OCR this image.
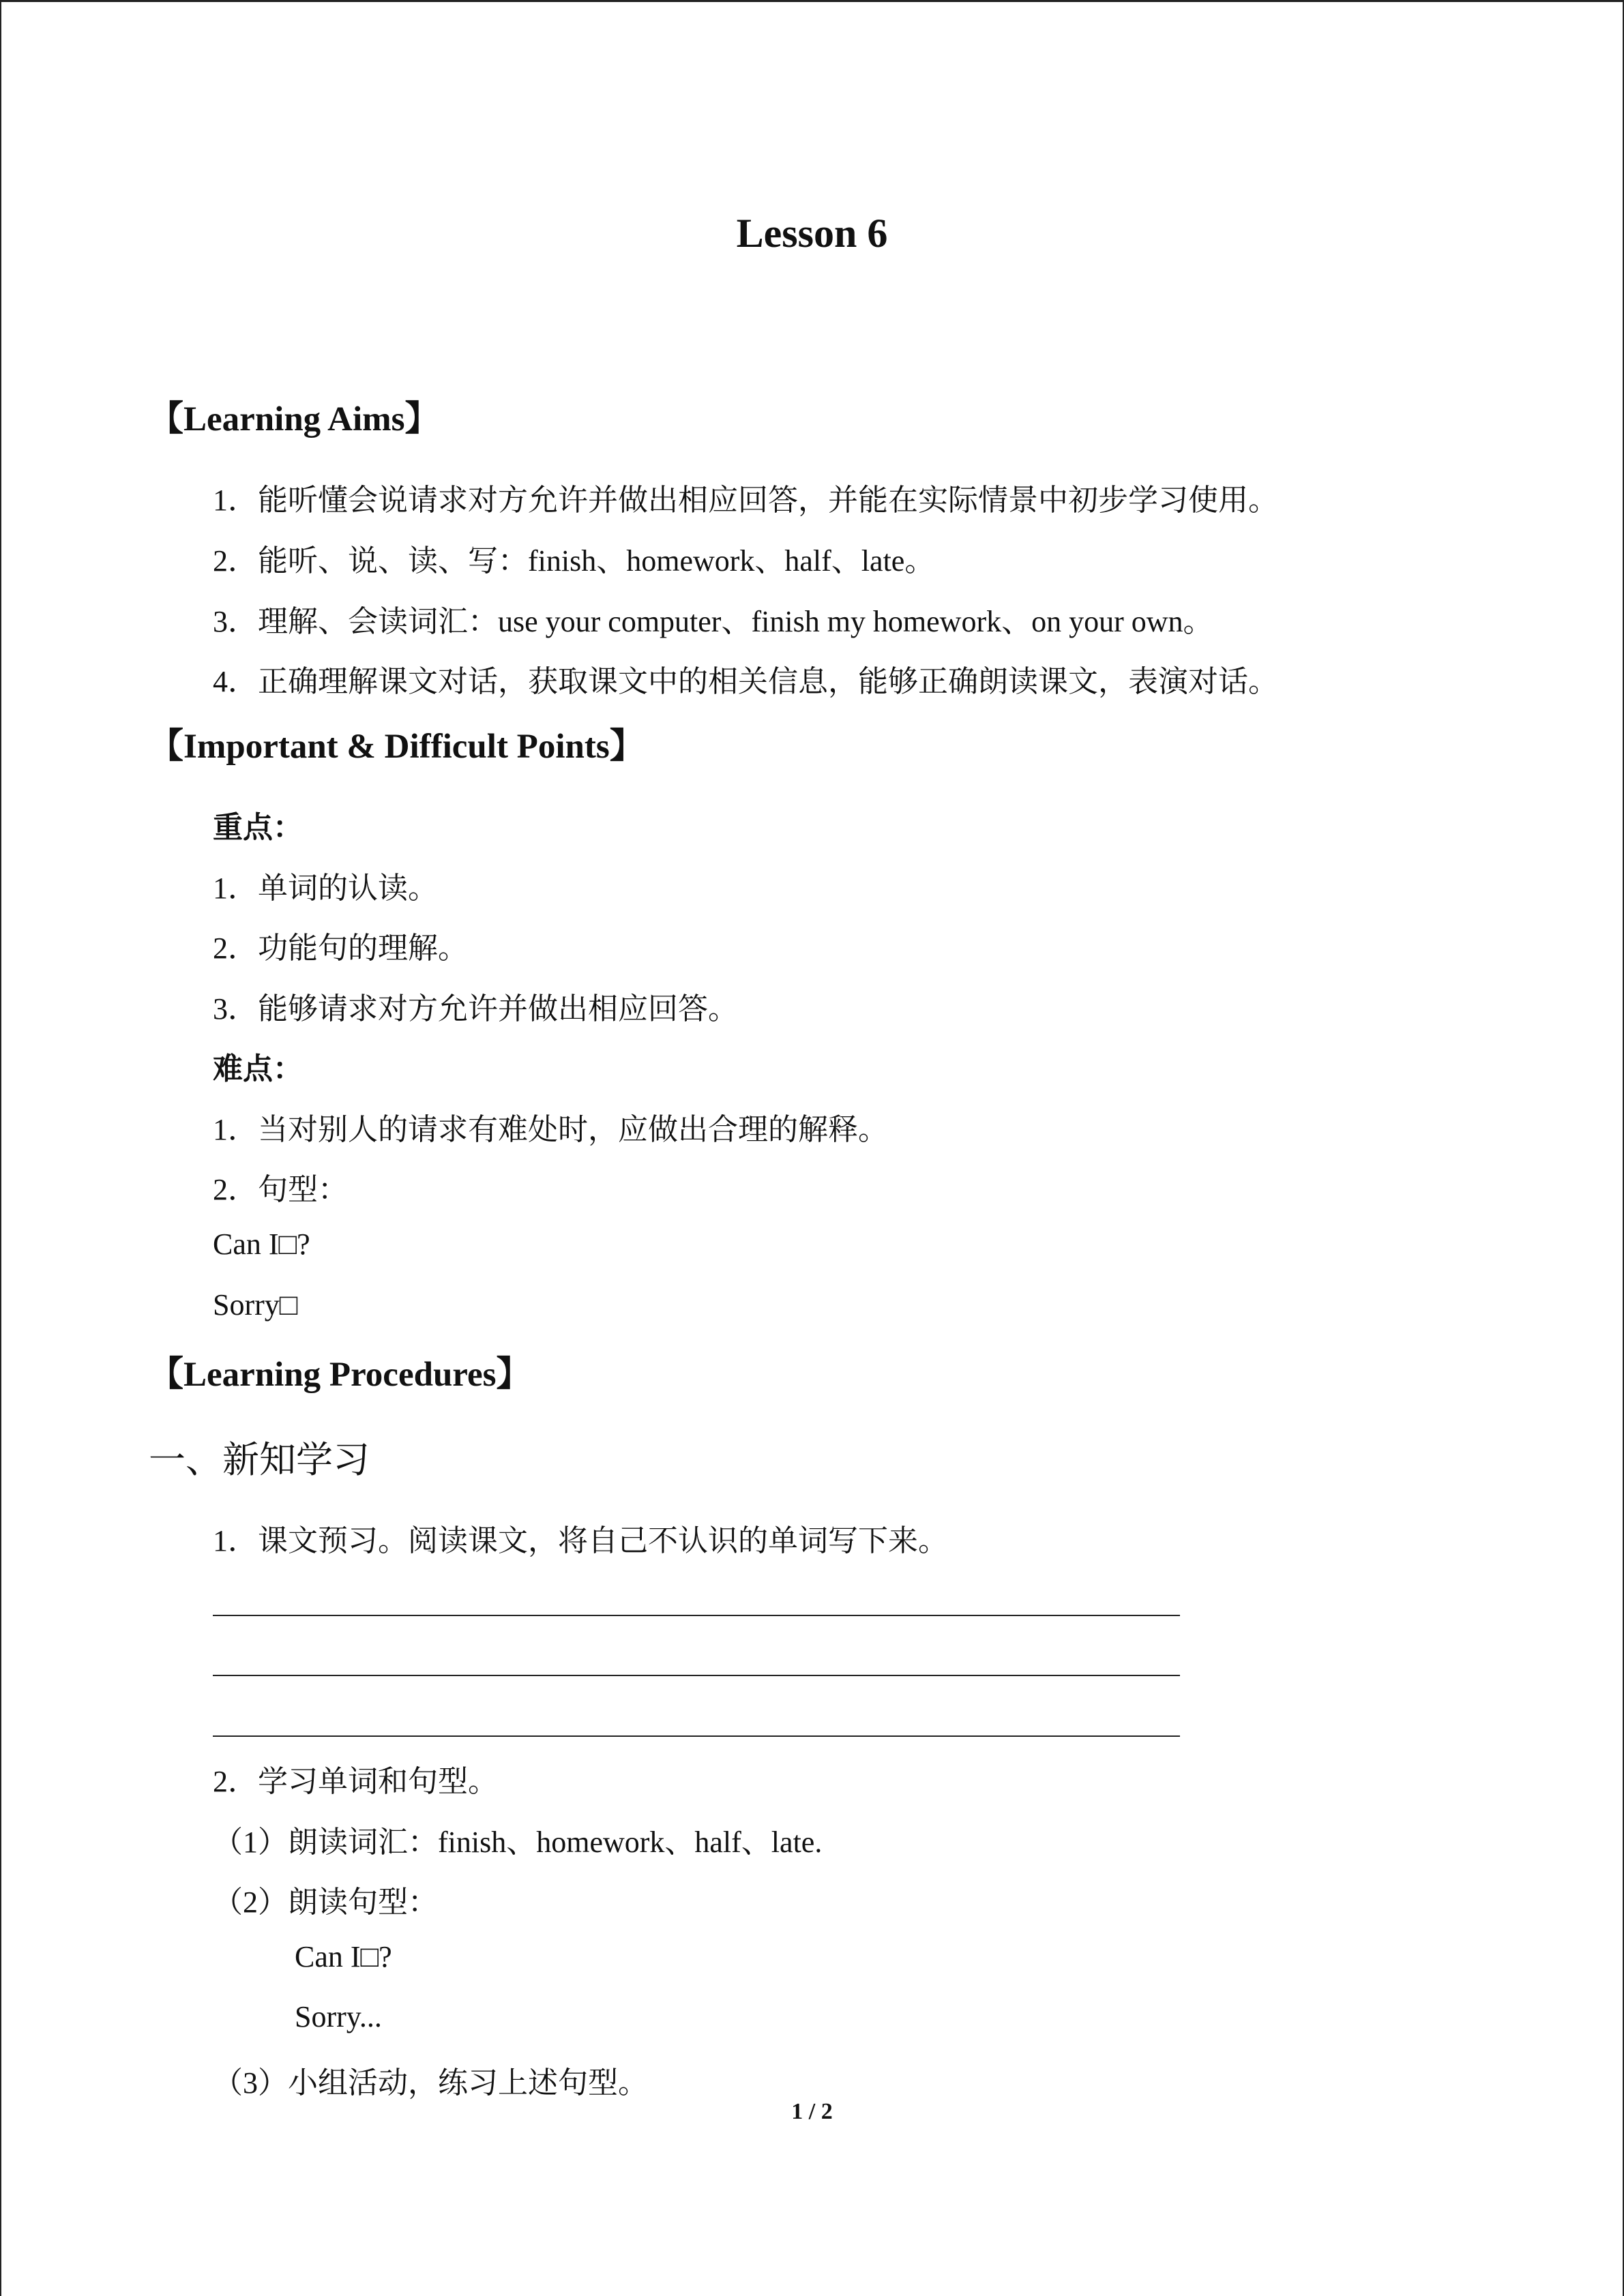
Lesson 6
【Learning Aims】
1．能听懂会说请求对方允许并做出相应回答，并能在实际情景中初步学习使用。
2．能听、说、读、写：finish、homework、half、late。
3．理解、会读词汇：use your computer、finish my homework、on your own。
4．正确理解课文对话，获取课文中的相关信息，能够正确朗读课文，表演对话。
【Important & Difficult Points】
重点：
1．单词的认读。
2．功能句的理解。
3．能够请求对方允许并做出相应回答。
难点：
1．当对别人的请求有难处时，应做出合理的解释。
2．句型：
Can I□?
Sorry□
【Learning Procedures】
一、新知学习
1．课文预习。阅读课文，将自己不认识的单词写下来。
2．学习单词和句型。
（1）朗读词汇：finish、homework、half、late.
（2）朗读句型：
Can I□?
Sorry...
（3）小组活动，练习上述句型。
1 / 2
